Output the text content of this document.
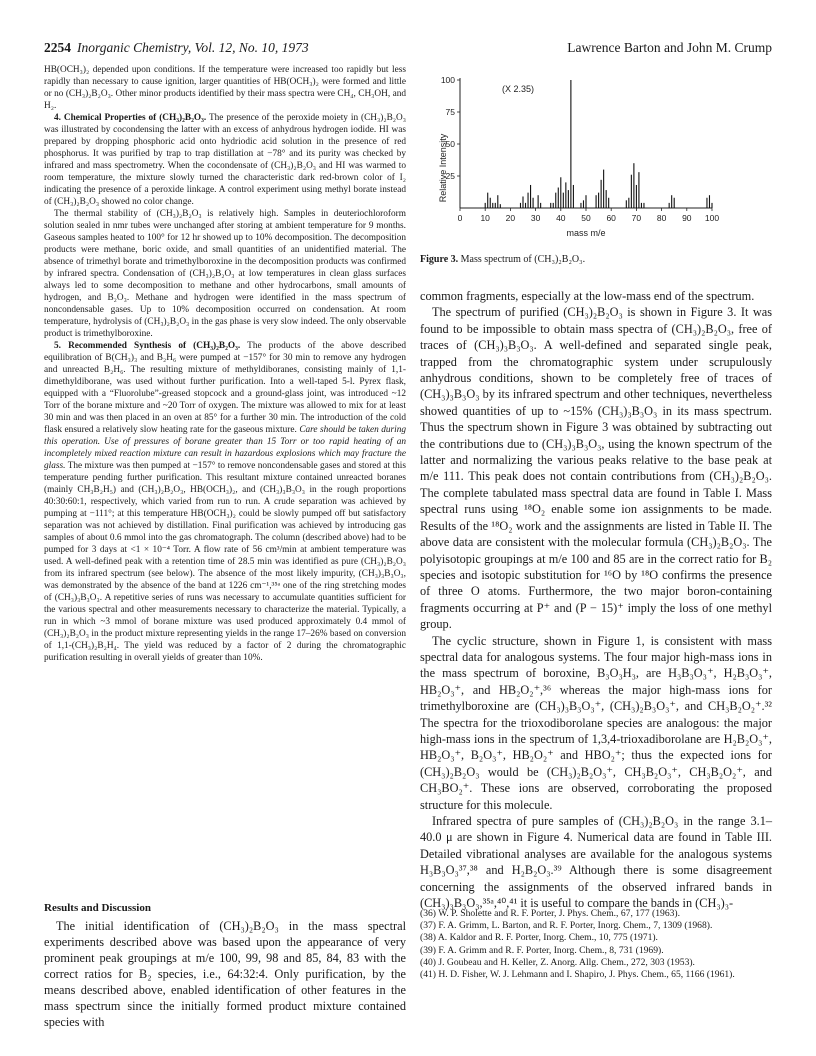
2254 Inorganic Chemistry, Vol. 12, No. 10, 1973	Lawrence Barton and John M. Crump

HB(OCH₃)₂ depended upon conditions. If the temperature were increased too rapidly but less rapidly than necessary to cause ignition, larger quantities of HB(OCH₃)₂ were formed and little or no (CH₃)₂B₂O₃. Other minor products identified by their mass spectra were CH₄, CH₃OH, and H₂.

4. Chemical Properties of (CH₃)₂B₂O₃. The presence of the peroxide moiety in (CH₃)₂B₂O₃ was illustrated by cocondensing the latter with an excess of anhydrous hydrogen iodide. HI was prepared by dropping phosphoric acid onto hydriodic acid solution in the presence of red phosphorus. It was purified by trap to trap distillation at −78° and its purity was checked by infrared and mass spectrometry. When the cocondensate of (CH₃)₂B₂O₃ and HI was warmed to room temperature, the mixture slowly turned the characteristic dark red-brown color of I₂ indicating the presence of a peroxide linkage. A control experiment using methyl borate instead of (CH₃)₂B₂O₃ showed no color change.

The thermal stability of (CH₃)₂B₂O₃ is relatively high. Samples in deuteriochloroform solution sealed in nmr tubes were unchanged after storing at ambient temperature for 9 months. Gaseous samples heated to 100° for 12 hr showed up to 10% decomposition. The decomposition products were methane, boric oxide, and small quantities of an unidentified material. The absence of trimethyl borate and trimethylboroxine in the decomposition products was confirmed by infrared spectra. Condensation of (CH₃)₂B₂O₃ at low temperatures in clean glass surfaces always led to some decomposition to methane and other hydrocarbons, small amounts of hydrogen, and B₂O₃. Methane and hydrogen were identified in the mass spectrum of noncondensable gases. Up to 10% decomposition occurred on condensation. At room temperature, hydrolysis of (CH₃)₂B₂O₃ in the gas phase is very slow indeed. The only observable product is trimethylboroxine.

5. Recommended Synthesis of (CH₃)₂B₂O₃. The products of the above described equilibration of B(CH₃)₃ and B₂H₆ were pumped at −157° for 30 min to remove any hydrogen and unreacted B₂H₆. The resulting mixture of methyldiboranes, consisting mainly of 1,1-dimethyldiborane, was used without further purification. Into a well-taped 5-l. Pyrex flask, equipped with a “Fluorolube”-greased stopcock and a ground-glass joint, was introduced ~12 Torr of the borane mixture and ~20 Torr of oxygen. The mixture was allowed to mix for at least 30 min and was then placed in an oven at 85° for a further 30 min. The introduction of the cold flask ensured a relatively slow heating rate for the gaseous mixture. Care should be taken during this operation. Use of pressures of borane greater than 15 Torr or too rapid heating of an incompletely mixed reaction mixture can result in hazardous explosions which may fracture the glass. The mixture was then pumped at −157° to remove noncondensable gases and stored at this temperature pending further purification. This resultant mixture contained unreacted boranes (mainly CH₃B₂H₅) and (CH₃)₂B₂O₃, HB(OCH₃)₂, and (CH₃)₃B₃O₃ in the rough proportions 40:30:60:1, respectively, which varied from run to run. A crude separation was achieved by pumping at −111°; at this temperature HB(OCH₃)₂ could be slowly pumped off but satisfactory separation was not achieved by distillation. Final purification was achieved by introducing gas samples of about 0.6 mmol into the gas chromatograph. The column (described above) had to be pumped for 3 days at <1 × 10⁻⁴ Torr. A flow rate of 56 cm³/min at ambient temperature was used. A well-defined peak with a retention time of 28.5 min was identified as pure (CH₃)₂B₂O₃ from its infrared spectrum (see below). The absence of the most likely impurity, (CH₃)₃B₃O₃, was demonstrated by the absence of the band at 1226 cm⁻¹,³⁵ᵃ one of the ring stretching modes of (CH₃)₃B₃O₃. A repetitive series of runs was necessary to accumulate quantities sufficient for the various spectral and other measurements necessary to characterize the material. Typically, a run in which ~3 mmol of borane mixture was used produced approximately 0.4 mmol of (CH₃)₂B₂O₃ in the product mixture representing yields in the range 17–26% based on conversion of 1,1-(CH₃)₂B₂H₄. The yield was reduced by a factor of 2 during the chromatographic purification resulting in overall yields of greater than 10%.

Results and Discussion

The initial identification of (CH₃)₂B₂O₃ in the mass spectral experiments described above was based upon the appearance of very prominent peak groupings at m/e 100, 99, 98 and 85, 84, 83 with the correct ratios for B₂ species, i.e., 64:32:4. Only purification, by the means described above, enabled identification of other features in the mass spectrum since the initially formed product mixture contained species with

(X 2.35)
Relative Intensity
mass m/e
0 10 20 30 40 50 60 70 80 90 100
25
50
75
100
Figure 3. Mass spectrum of (CH₃)₂B₂O₃.

common fragments, especially at the low-mass end of the spectrum.

The spectrum of purified (CH₃)₂B₂O₃ is shown in Figure 3. It was found to be impossible to obtain mass spectra of (CH₃)₂B₂O₃, free of traces of (CH₃)₃B₃O₃. A well-defined and separated single peak, trapped from the chromatographic system under scrupulously anhydrous conditions, shown to be completely free of traces of (CH₃)₃B₃O₃ by its infrared spectrum and other techniques, nevertheless showed quantities of up to ~15% (CH₃)₃B₃O₃ in its mass spectrum. Thus the spectrum shown in Figure 3 was obtained by subtracting out the contributions due to (CH₃)₃B₃O₃, using the known spectrum of the latter and normalizing the various peaks relative to the base peak at m/e 111. This peak does not contain contributions from (CH₃)₂B₂O₃. The complete tabulated mass spectral data are found in Table I. Mass spectral runs using ¹⁸O₂ enable some ion assignments to be made. Results of the ¹⁸O₂ work and the assignments are listed in Table II. The above data are consistent with the molecular formula (CH₃)₂B₂O₃. The polyisotopic groupings at m/e 100 and 85 are in the correct ratio for B₂ species and isotopic substitution for ¹⁶O by ¹⁸O confirms the presence of three O atoms. Furthermore, the two major boron-containing fragments occurring at P⁺ and (P − 15)⁺ imply the loss of one methyl group.

The cyclic structure, shown in Figure 1, is consistent with mass spectral data for analogous systems. The four major high-mass ions in the mass spectrum of boroxine, B₃O₃H₃, are H₃B₃O₃⁺, H₂B₃O₃⁺, HB₂O₃⁺, and HB₂O₂⁺,³⁶ whereas the major high-mass ions for trimethylboroxine are (CH₃)₃B₃O₃⁺, (CH₃)₂B₃O₃⁺, and CH₃B₂O₂⁺.³² The spectra for the trioxodiborolane species are analogous: the major high-mass ions in the spectrum of 1,3,4-trioxadiborolane are H₂B₂O₃⁺, HB₂O₃⁺, B₂O₃⁺, HB₂O₂⁺ and HBO₂⁺; thus the expected ions for (CH₃)₂B₂O₃ would be (CH₃)₂B₂O₃⁺, CH₃B₂O₃⁺, CH₃B₂O₂⁺, and CH₃BO₂⁺. These ions are observed, corroborating the proposed structure for this molecule.

Infrared spectra of pure samples of (CH₃)₂B₂O₃ in the range 3.1–40.0 μ are shown in Figure 4. Numerical data are found in Table III. Detailed vibrational analyses are available for the analogous systems H₃B₃O₃³⁷,³⁸ and H₂B₂O₃.³⁹ Although there is some disagreement concerning the assignments of the observed infrared bands in (CH₃)₃B₃O₃,³⁵ᵃ,⁴⁰,⁴¹ it is useful to compare the bands in (CH₃)₃-

(36) W. P. Sholette and R. F. Porter, J. Phys. Chem., 67, 177 (1963).
(37) F. A. Grimm, L. Barton, and R. F. Porter, Inorg. Chem., 7, 1309 (1968).
(38) A. Kaldor and R. F. Porter, Inorg. Chem., 10, 775 (1971).
(39) F. A. Grimm and R. F. Porter, Inorg. Chem., 8, 731 (1969).
(40) J. Goubeau and H. Keller, Z. Anorg. Allg. Chem., 272, 303 (1953).
(41) H. D. Fisher, W. J. Lehmann and I. Shapiro, J. Phys. Chem., 65, 1166 (1961).
